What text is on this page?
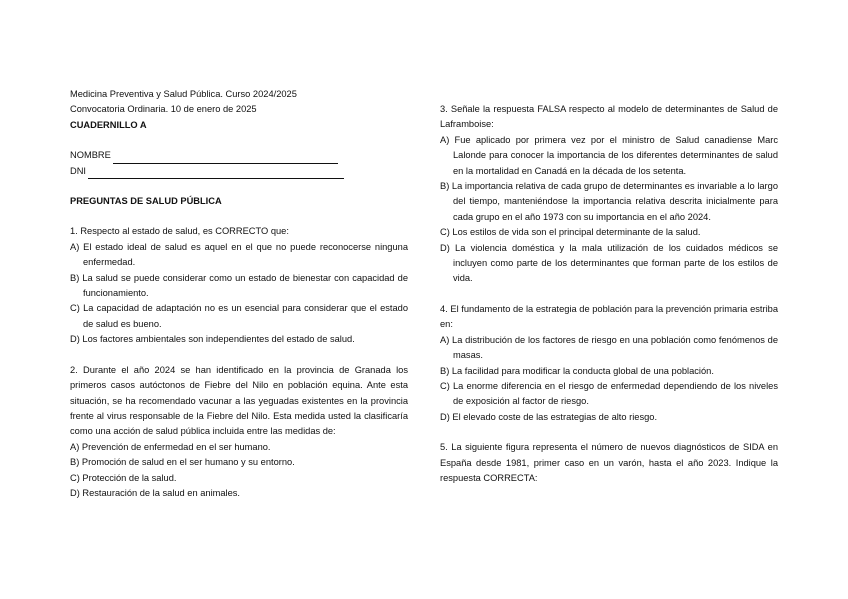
Medicina Preventiva y Salud Pública. Curso 2024/2025

Convocatoria Ordinaria. 10 de enero de 2025

CUADERNILLO A

NOMBRE
DNI

PREGUNTAS DE SALUD PÚBLICA

1. Respecto al estado de salud, es CORRECTO que:

A) El estado ideal de salud es aquel en el que no puede reconocerse ninguna enfermedad.

B) La salud se puede considerar como un estado de bienestar con capacidad de funcionamiento.

C) La capacidad de adaptación no es un esencial para considerar que el estado de salud es bueno.

D) Los factores ambientales son independientes del estado de salud.

2. Durante el año 2024 se han identificado en la provincia de Granada los primeros casos autóctonos de Fiebre del Nilo en población equina. Ante esta situación, se ha recomendado vacunar a las yeguadas existentes en la provincia frente al virus responsable de la Fiebre del Nilo. Esta medida usted la clasificaría como una acción de salud pública incluida entre las medidas de:

A) Prevención de enfermedad en el ser humano.

B) Promoción de salud en el ser humano y su entorno.

C) Protección de la salud.

D) Restauración de la salud en animales.

3. Señale la respuesta FALSA respecto al modelo de determinantes de Salud de Laframboise:

A) Fue aplicado por primera vez por el ministro de Salud canadiense Marc Lalonde para conocer la importancia de los diferentes determinantes de salud en la mortalidad en Canadá en la década de los setenta.

B) La importancia relativa de cada grupo de determinantes es invariable a lo largo del tiempo, manteniéndose la importancia relativa descrita inicialmente para cada grupo en el año 1973 con su importancia en el año 2024.

C) Los estilos de vida son el principal determinante de la salud.

D) La violencia doméstica y la mala utilización de los cuidados médicos se incluyen como parte de los determinantes que forman parte de los estilos de vida.

4. El fundamento de la estrategia de población para la prevención primaria estriba en:

A) La distribución de los factores de riesgo en una población como fenómenos de masas.

B) La facilidad para modificar la conducta global de una población.

C) La enorme diferencia en el riesgo de enfermedad dependiendo de los niveles de exposición al factor de riesgo.

D) El elevado coste de las estrategias de alto riesgo.

5. La siguiente figura representa el número de nuevos diagnósticos de SIDA en España desde 1981, primer caso en un varón, hasta el año 2023. Indique la respuesta CORRECTA:
